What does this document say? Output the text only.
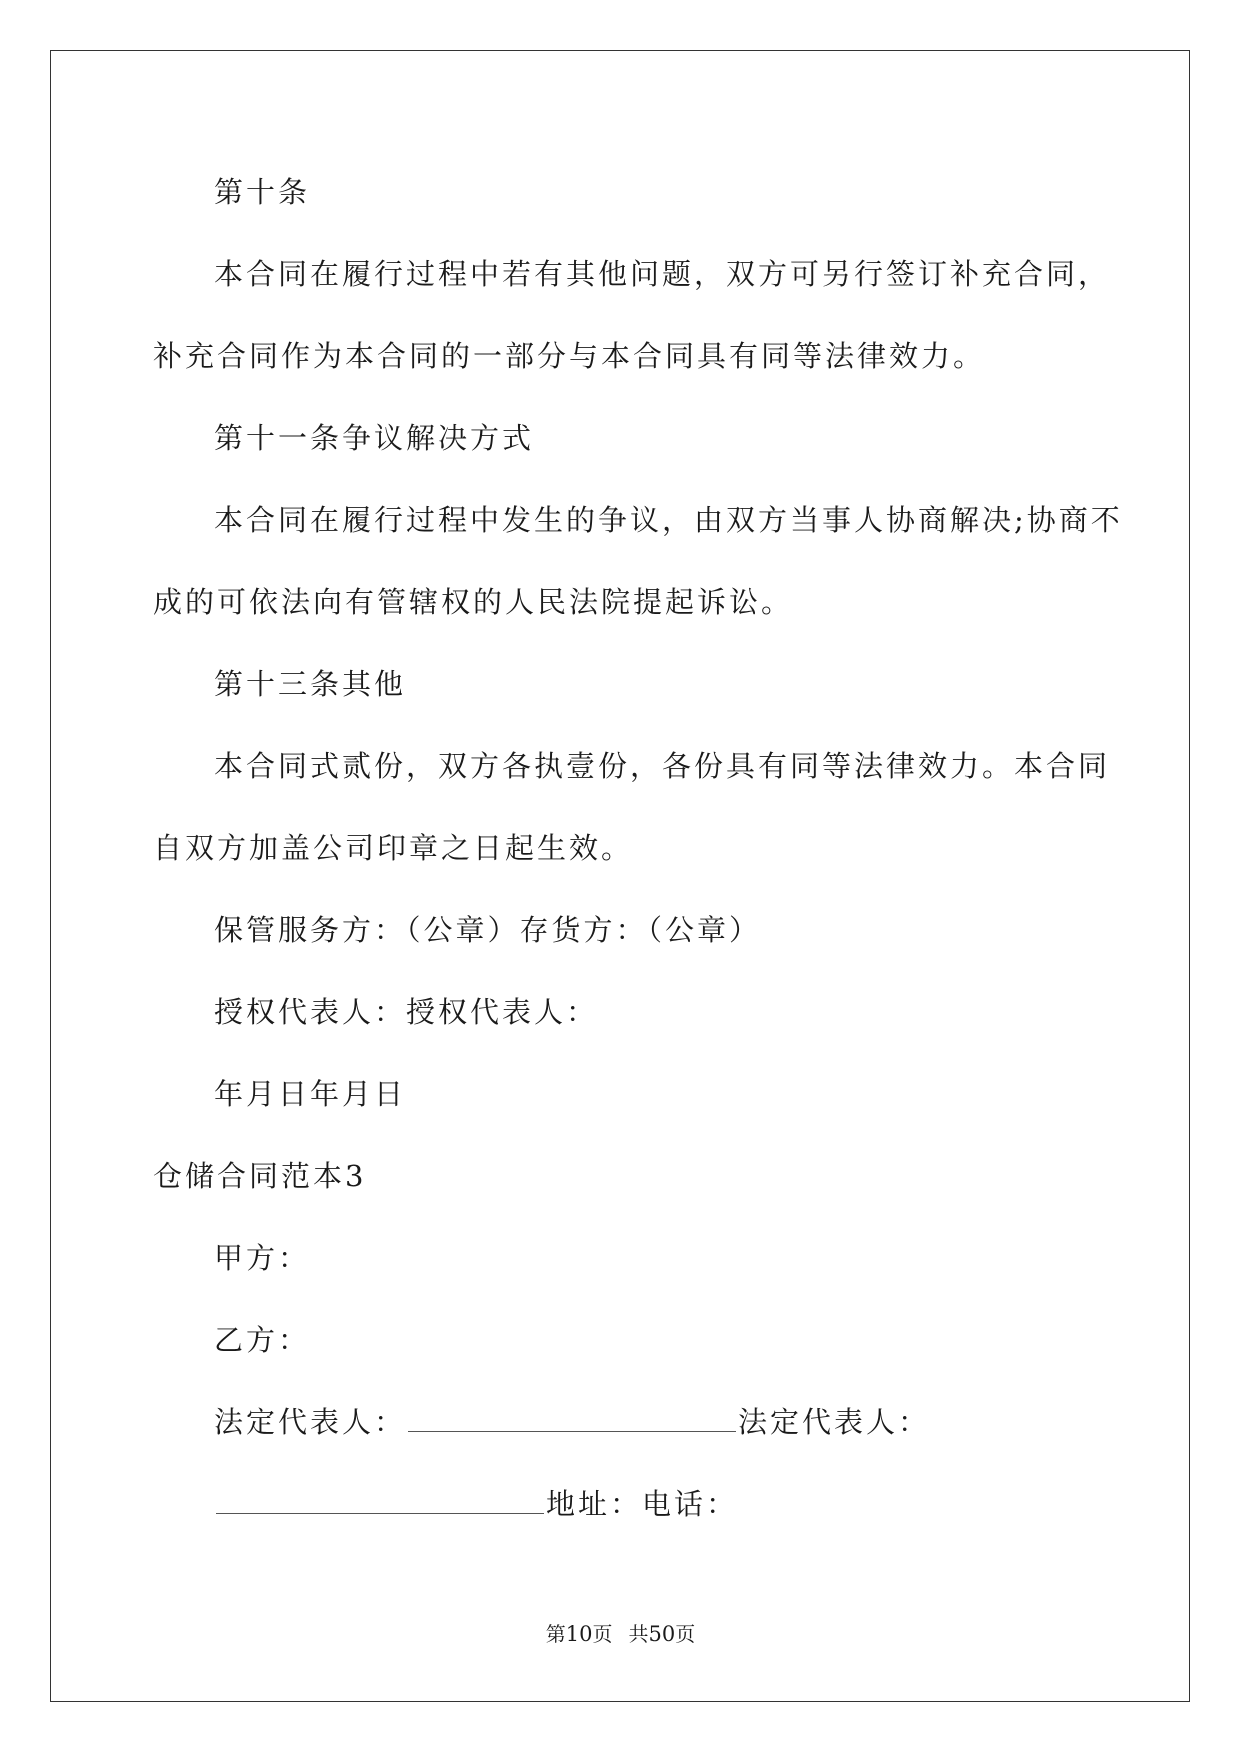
第十条
本合同在履行过程中若有其他问题，双方可另行签订补充合同，
补充合同作为本合同的一部分与本合同具有同等法律效力。
第十一条争议解决方式
本合同在履行过程中发生的争议，由双方当事人协商解决;协商不
成的可依法向有管辖权的人民法院提起诉讼。
第十三条其他
本合同式贰份，双方各执壹份，各份具有同等法律效力。本合同
自双方加盖公司印章之日起生效。
保管服务方：（公章）存货方：（公章）
授权代表人：授权代表人：
年月日年月日
仓储合同范本3
甲方：
乙方：
法定代表人：	法定代表人：
地址：电话：
第10页 共50页
